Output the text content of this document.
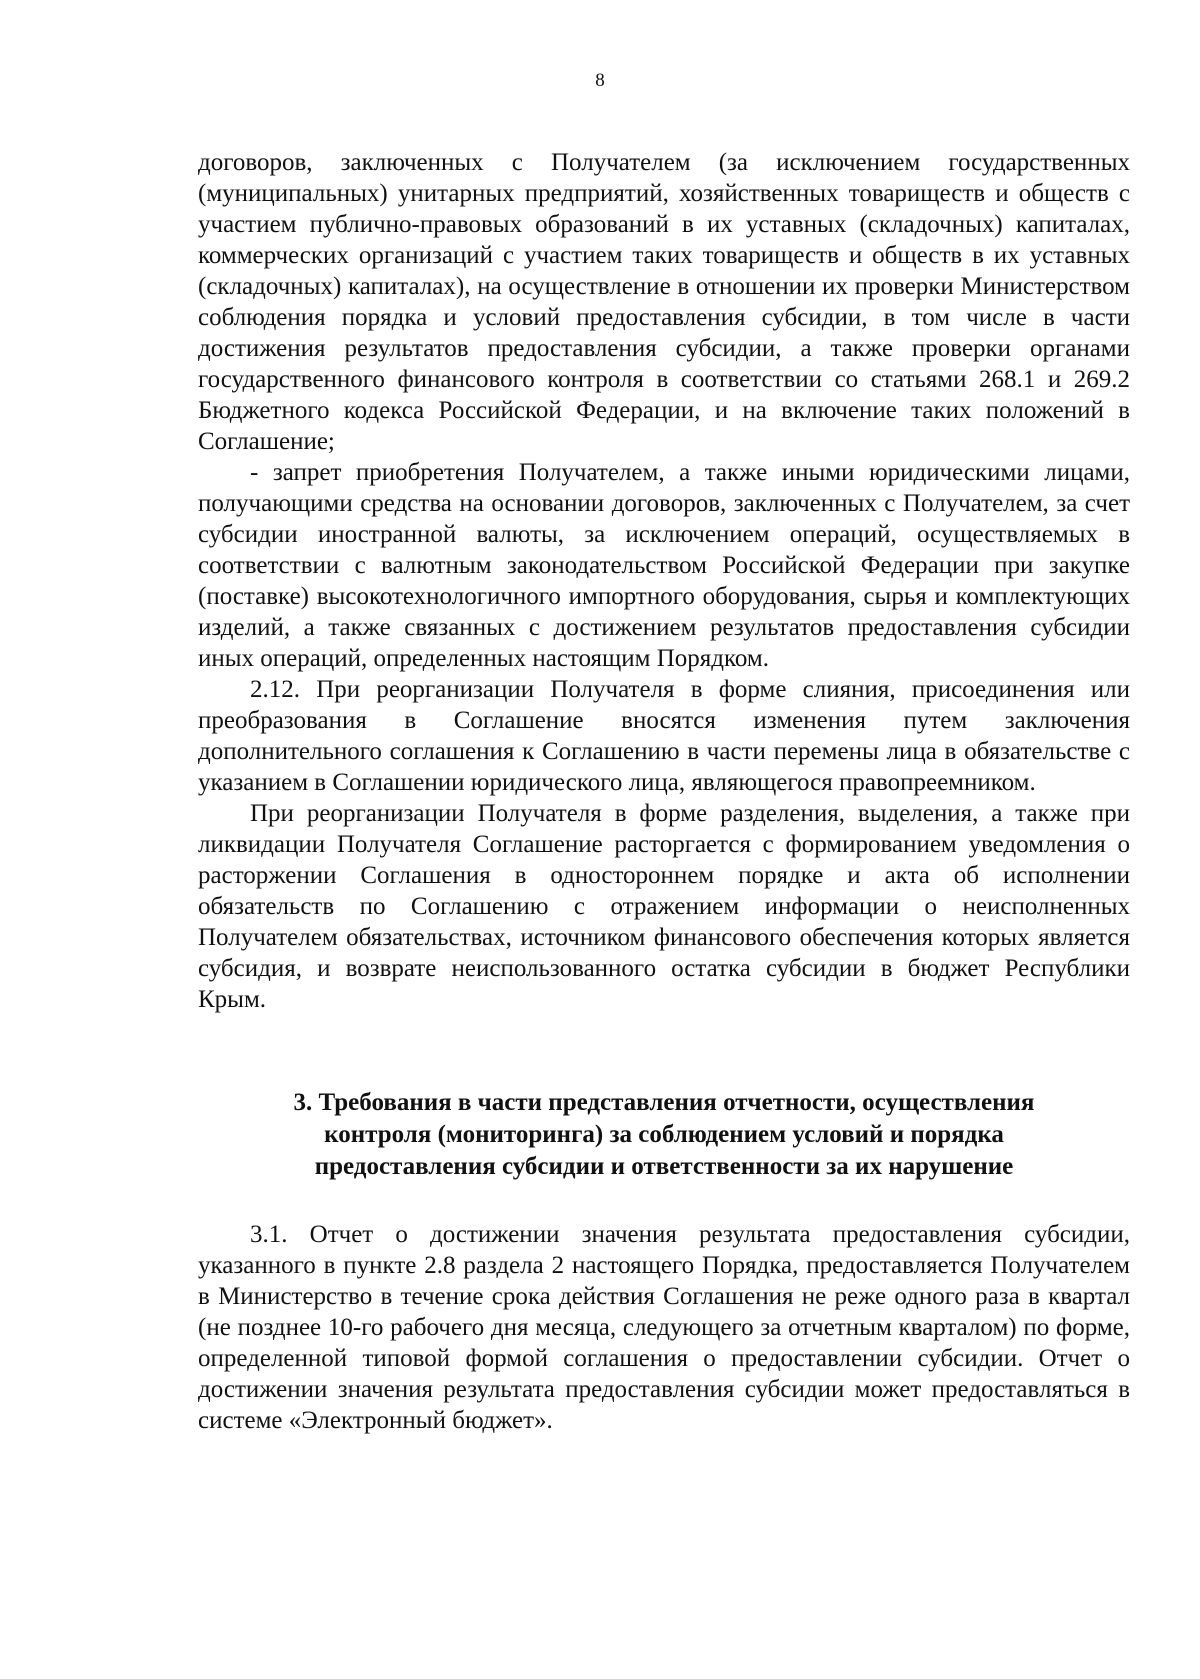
8

договоров, заключенных с Получателем (за исключением государственных (муниципальных) унитарных предприятий, хозяйственных товариществ и обществ с участием публично-правовых образований в их уставных (складочных) капиталах, коммерческих организаций с участием таких товариществ и обществ в их уставных (складочных) капиталах), на осуществление в отношении их проверки Министерством соблюдения порядка и условий предоставления субсидии, в том числе в части достижения результатов предоставления субсидии, а также проверки органами государственного финансового контроля в соответствии со статьями 268.1 и 269.2 Бюджетного кодекса Российской Федерации, и на включение таких положений в Соглашение;

- запрет приобретения Получателем, а также иными юридическими лицами, получающими средства на основании договоров, заключенных с Получателем, за счет субсидии иностранной валюты, за исключением операций, осуществляемых в соответствии с валютным законодательством Российской Федерации при закупке (поставке) высокотехнологичного импортного оборудования, сырья и комплектующих изделий, а также связанных с достижением результатов предоставления субсидии иных операций, определенных настоящим Порядком.

2.12. При реорганизации Получателя в форме слияния, присоединения или преобразования в Соглашение вносятся изменения путем заключения дополнительного соглашения к Соглашению в части перемены лица в обязательстве с указанием в Соглашении юридического лица, являющегося правопреемником.

При реорганизации Получателя в форме разделения, выделения, а также при ликвидации Получателя Соглашение расторгается с формированием уведомления о расторжении Соглашения в одностороннем порядке и акта об исполнении обязательств по Соглашению с отражением информации о неисполненных Получателем обязательствах, источником финансового обеспечения которых является субсидия, и возврате неиспользованного остатка субсидии в бюджет Республики Крым.

3. Требования в части представления отчетности, осуществления
контроля (мониторинга) за соблюдением условий и порядка
предоставления субсидии и ответственности за их нарушение

3.1. Отчет о достижении значения результата предоставления субсидии, указанного в пункте 2.8 раздела 2 настоящего Порядка, предоставляется Получателем в Министерство в течение срока действия Соглашения не реже одного раза в квартал (не позднее 10-го рабочего дня месяца, следующего за отчетным кварталом) по форме, определенной типовой формой соглашения о предоставлении субсидии. Отчет о достижении значения результата предоставления субсидии может предоставляться в системе «Электронный бюджет».
